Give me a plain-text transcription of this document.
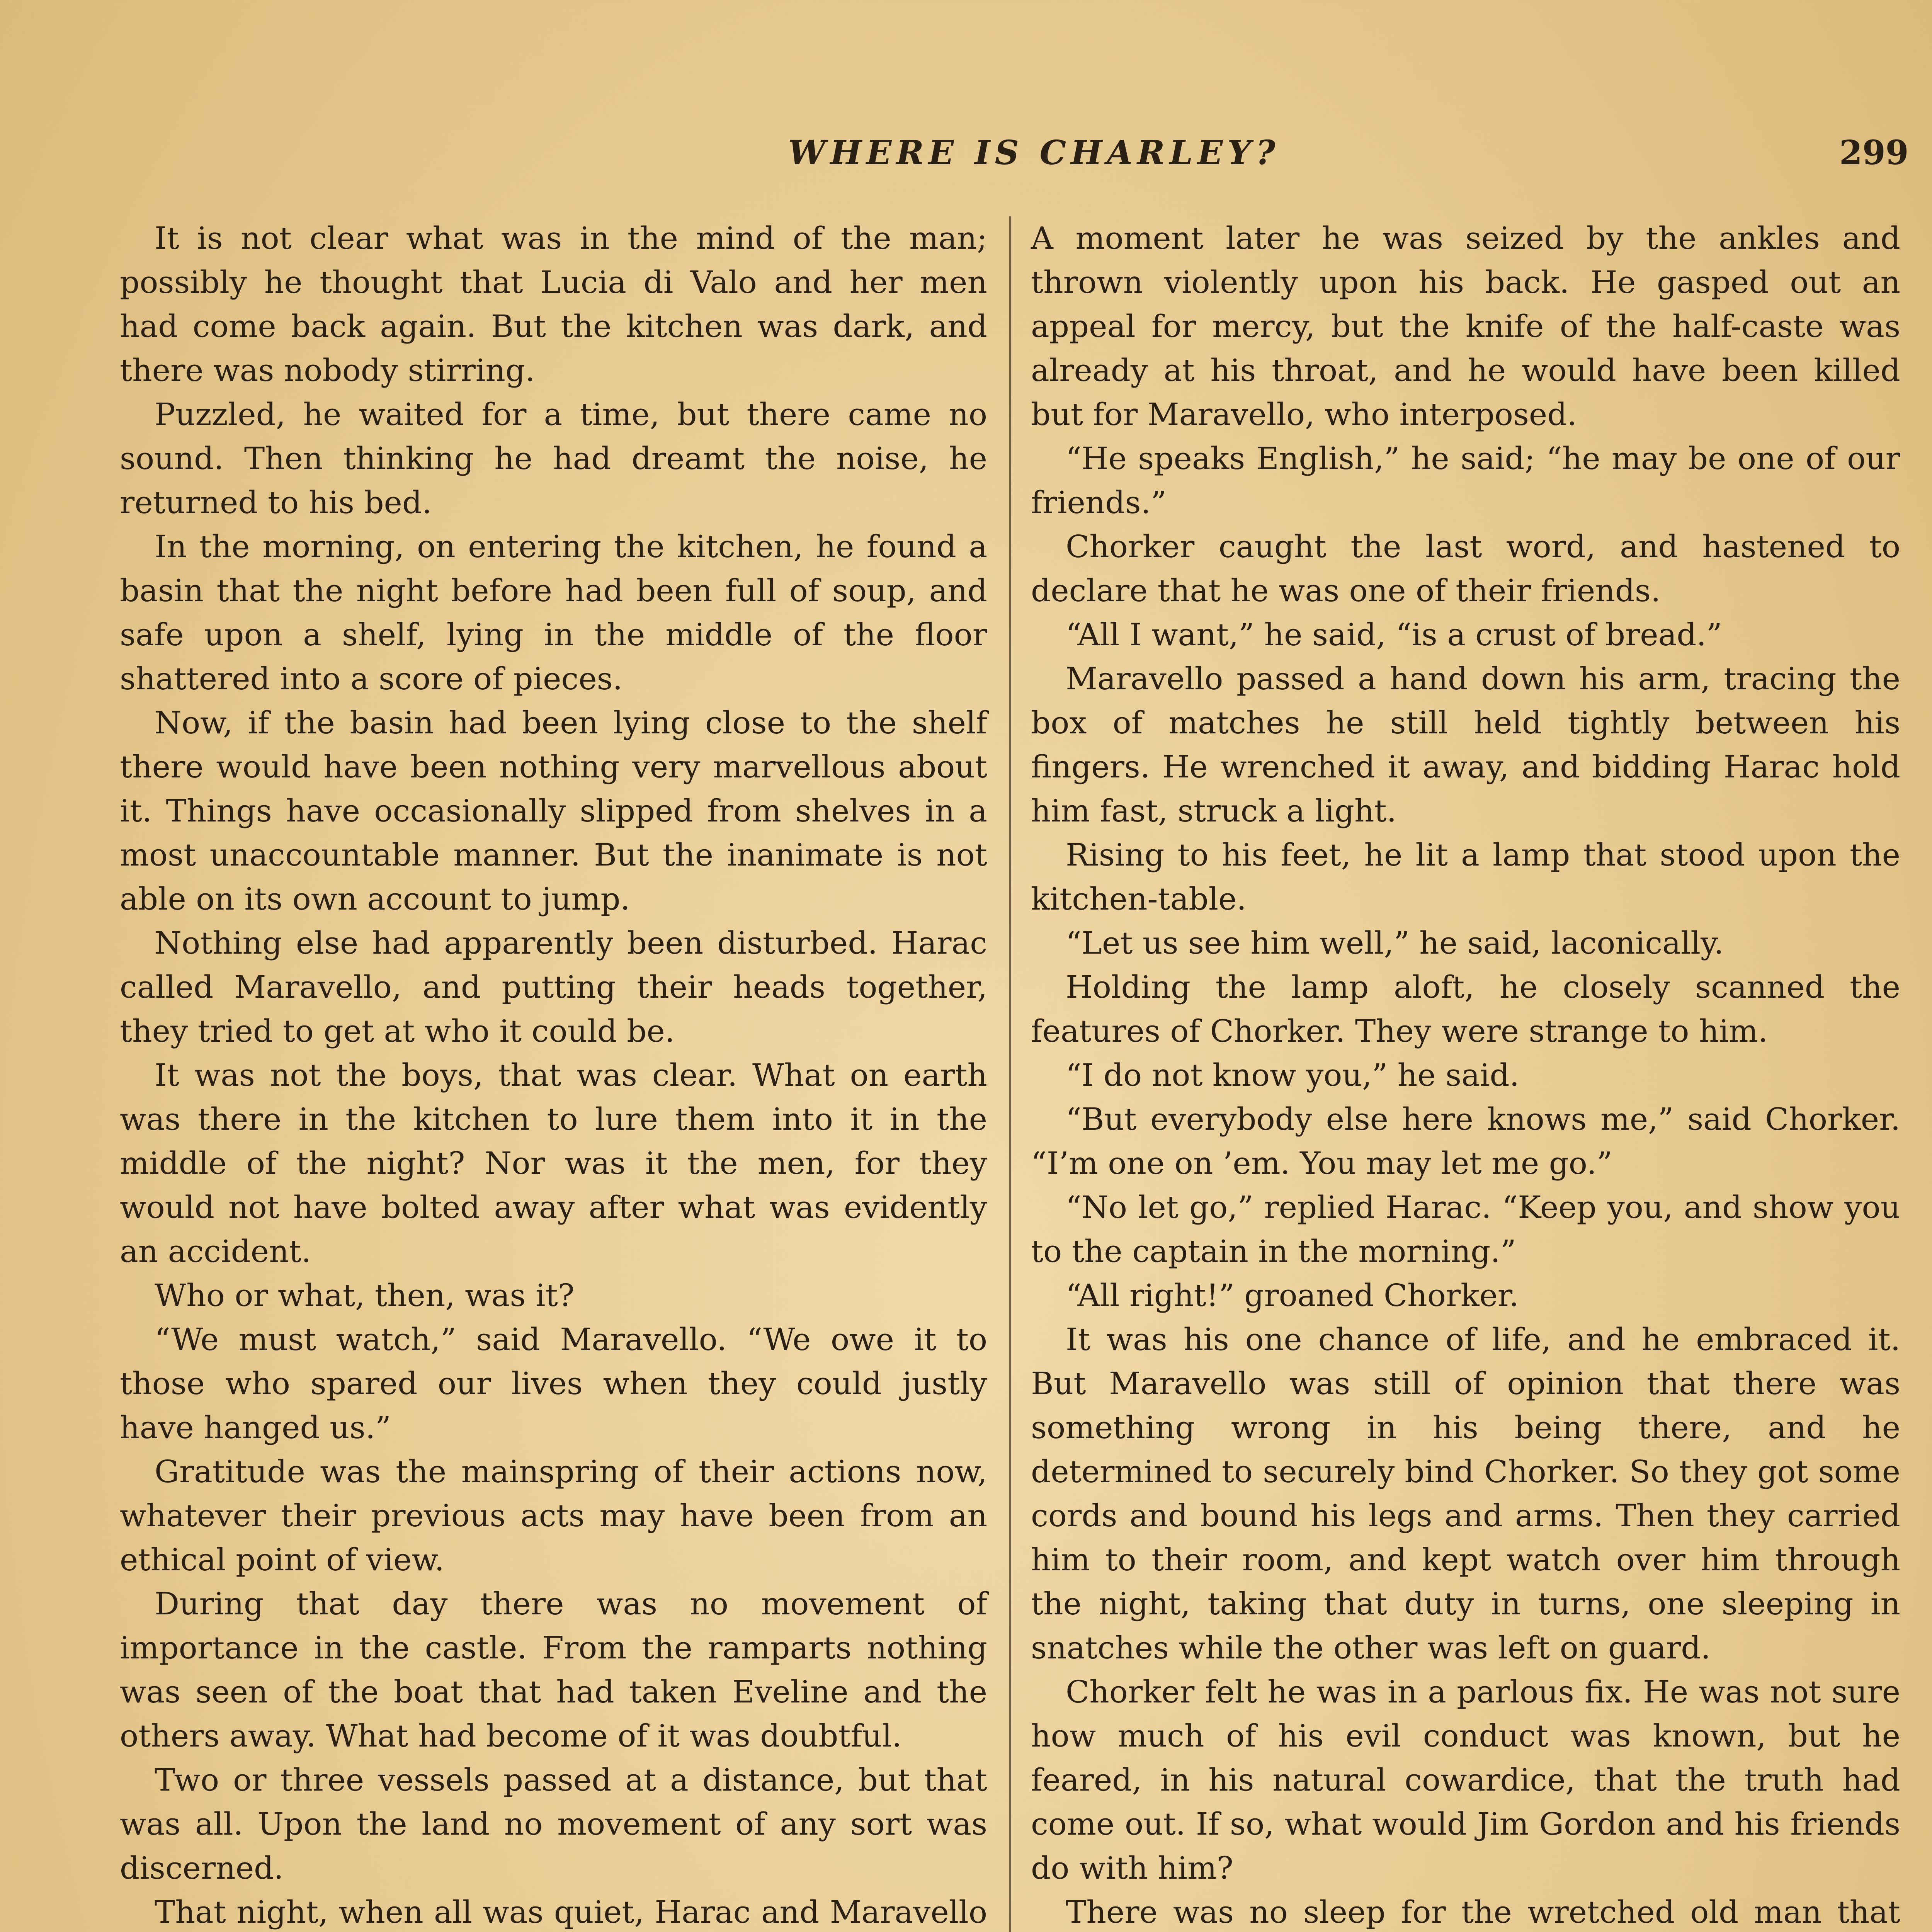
WHERE IS CHARLEY?	299

It is not clear what was in the mind of the man; possibly he thought that Lucia di Valo and her men had come back again. But the kitchen was dark, and there was nobody stirring.

Puzzled, he waited for a time, but there came no sound. Then thinking he had dreamt the noise, he returned to his bed.

In the morning, on entering the kitchen, he found a basin that the night before had been full of soup, and safe upon a shelf, lying in the middle of the floor shattered into a score of pieces.

Now, if the basin had been lying close to the shelf there would have been nothing very marvellous about it. Things have occasionally slipped from shelves in a most unaccountable manner. But the inanimate is not able on its own account to jump.

Nothing else had apparently been disturbed. Harac called Maravello, and putting their heads together, they tried to get at who it could be.

It was not the boys, that was clear. What on earth was there in the kitchen to lure them into it in the middle of the night? Nor was it the men, for they would not have bolted away after what was evidently an accident.

Who or what, then, was it?

“We must watch,” said Maravello. “We owe it to those who spared our lives when they could justly have hanged us.”

Gratitude was the mainspring of their actions now, whatever their previous acts may have been from an ethical point of view.

During that day there was no movement of importance in the castle. From the ramparts nothing was seen of the boat that had taken Eveline and the others away. What had become of it was doubtful.

Two or three vessels passed at a distance, but that was all. Upon the land no movement of any sort was discerned.

That night, when all was quiet, Harac and Maravello

A moment later he was seized by the ankles and thrown violently upon his back. He gasped out an appeal for mercy, but the knife of the half-caste was already at his throat, and he would have been killed but for Maravello, who interposed.

“He speaks English,” he said; “he may be one of our friends.”

Chorker caught the last word, and hastened to declare that he was one of their friends.

“All I want,” he said, “is a crust of bread.”

Maravello passed a hand down his arm, tracing the box of matches he still held tightly between his fingers. He wrenched it away, and bidding Harac hold him fast, struck a light.

Rising to his feet, he lit a lamp that stood upon the kitchen-table.

“Let us see him well,” he said, laconically.

Holding the lamp aloft, he closely scanned the features of Chorker. They were strange to him.

“I do not know you,” he said.

“But everybody else here knows me,” said Chorker. “I’m one on ’em. You may let me go.”

“No let go,” replied Harac. “Keep you, and show you to the captain in the morning.”

“All right!” groaned Chorker.

It was his one chance of life, and he embraced it. But Maravello was still of opinion that there was something wrong in his being there, and he determined to securely bind Chorker. So they got some cords and bound his legs and arms. Then they carried him to their room, and kept watch over him through the night, taking that duty in turns, one sleeping in snatches while the other was left on guard.

Chorker felt he was in a parlous fix. He was not sure how much of his evil conduct was known, but he feared, in his natural cowardice, that the truth had come out. If so, what would Jim Gordon and his friends do with him?

There was no sleep for the wretched old man that
